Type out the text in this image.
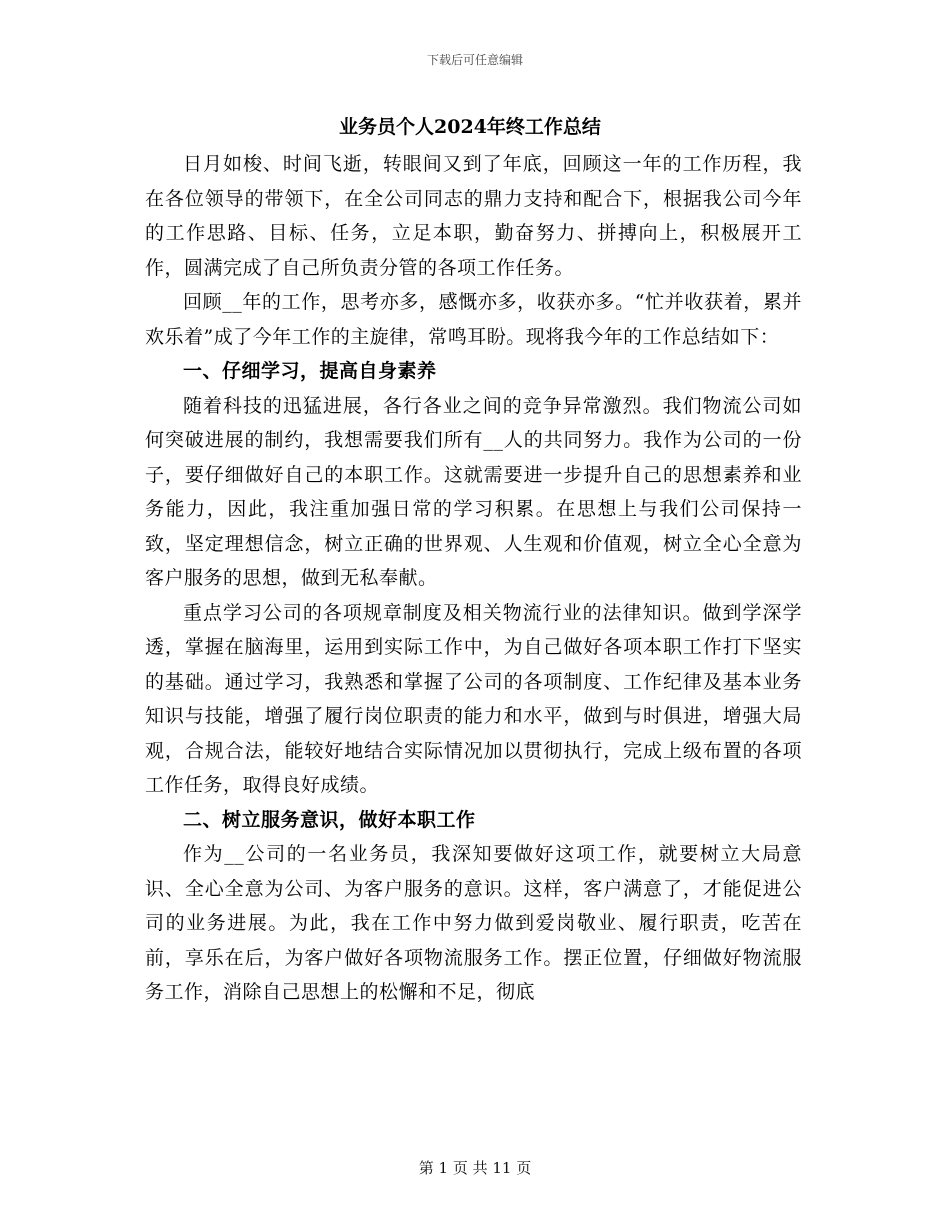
下载后可任意编辑
业务员个人2024年终工作总结

日月如梭、时间飞逝，转眼间又到了年底，回顾这一年的工作历程，我在各位领导的带领下，在全公司同志的鼎力支持和配合下，根据我公司今年的工作思路、目标、任务，立足本职，勤奋努力、拼搏向上，积极展开工作，圆满完成了自己所负责分管的各项工作任务。

回顾__年的工作，思考亦多，感慨亦多，收获亦多。“忙并收获着，累并欢乐着”成了今年工作的主旋律，常鸣耳盼。现将我今年的工作总结如下：

一、仔细学习，提高自身素养

随着科技的迅猛进展，各行各业之间的竞争异常激烈。我们物流公司如何突破进展的制约，我想需要我们所有__人的共同努力。我作为公司的一份子，要仔细做好自己的本职工作。这就需要进一步提升自己的思想素养和业务能力，因此，我注重加强日常的学习积累。在思想上与我们公司保持一致，坚定理想信念，树立正确的世界观、人生观和价值观，树立全心全意为客户服务的思想，做到无私奉献。

重点学习公司的各项规章制度及相关物流行业的法律知识。做到学深学透，掌握在脑海里，运用到实际工作中，为自己做好各项本职工作打下坚实的基础。通过学习，我熟悉和掌握了公司的各项制度、工作纪律及基本业务知识与技能，增强了履行岗位职责的能力和水平，做到与时俱进，增强大局观，合规合法，能较好地结合实际情况加以贯彻执行，完成上级布置的各项工作任务，取得良好成绩。

二、树立服务意识，做好本职工作

作为__公司的一名业务员，我深知要做好这项工作，就要树立大局意识、全心全意为公司、为客户服务的意识。这样，客户满意了，才能促进公司的业务进展。为此，我在工作中努力做到爱岗敬业、履行职责，吃苦在前，享乐在后，为客户做好各项物流服务工作。摆正位置，仔细做好物流服务工作，消除自己思想上的松懈和不足，彻底

第 1 页 共 11 页
